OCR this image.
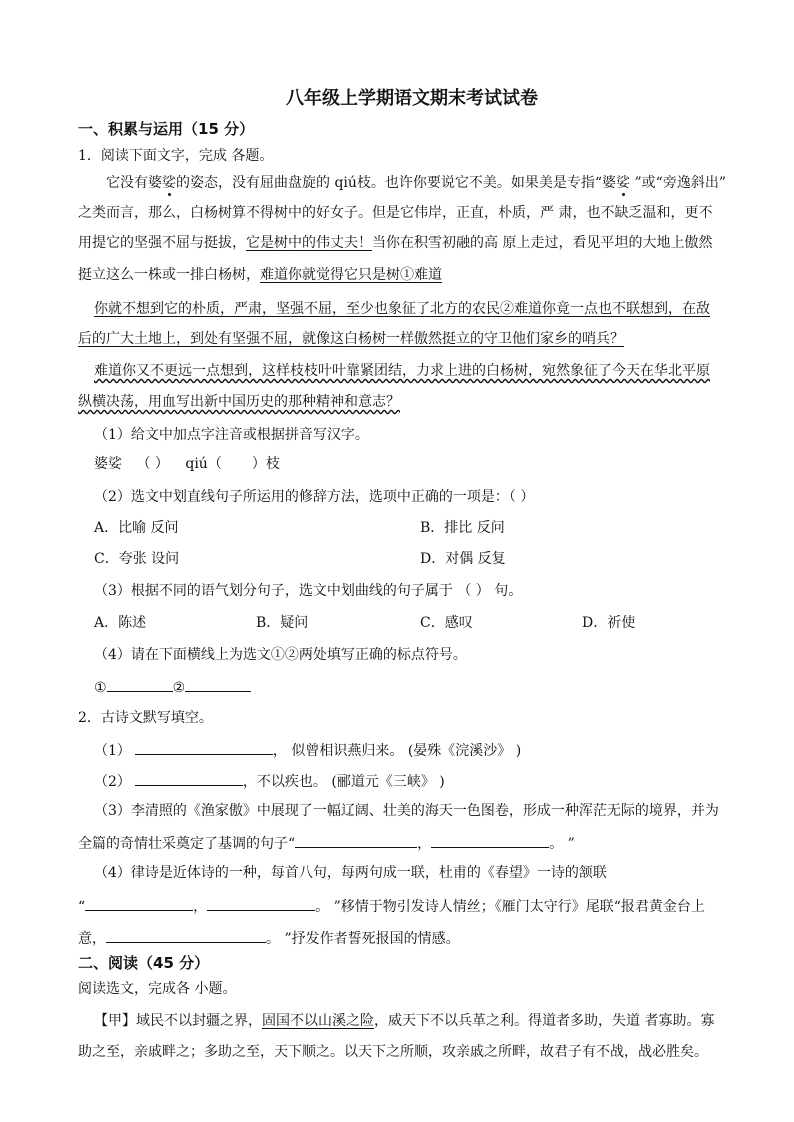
八年级上学期语文期末考试试卷
一、积累与运用（15 分）
1．阅读下面文字，完成 各题。
它没有婆娑的姿态，没有屈曲盘旋的 qiú枝。也许你要说它不美。如果美是专指“婆娑 ”或“旁逸斜出”
之类而言，那么，白杨树算不得树中的好女子。但是它伟岸，正直，朴质，严 肃，也不缺乏温和，更不
用提它的坚强不屈与挺拔，它是树中的伟丈夫！当你在积雪初融的高 原上走过，看见平坦的大地上傲然
挺立这么一株或一排白杨树，难道你就觉得它只是树①难道
你就不想到它的朴质，严肃，坚强不屈，至少也象征了北方的农民②难道你竟一点也不联想到，在敌
后的广大土地上，到处有坚强不屈，就像这白杨树一样傲然挺立的守卫他们家乡的哨兵？
难道你又不更远一点想到，这样枝枝叶叶靠紧团结，力求上进的白杨树，宛然象征了今天在华北平原
纵横决荡，用血写出新中国历史的那种精神和意志？
（1）给文中加点字注音或根据拼音写汉字。
婆娑 （ ） qiú（ ）枝
（2）选文中划直线句子所运用的修辞方法，选项中正确的一项是：（ ）
A．比喻 反问	B．排比 反问
C．夸张 设问	D．对偶 反复
（3）根据不同的语气划分句子，选文中划曲线的句子属于 （ ） 句。
A．陈述	B．疑问	C．感叹	D．祈使
（4）请在下面横线上为选文①②两处填写正确的标点符号。
①	②
2．古诗文默写填空。
（1）	， 似曾相识燕归来。 (晏殊《浣溪沙》 )
（2）	，不以疾也。 (郦道元《三峡》 )
（3）李清照的《渔家傲》中展现了一幅辽阔、壮美的海天一色图卷，形成一种浑茫无际的境界，并为
全篇的奇情壮采奠定了基调的句子“	，	。 ”
（4）律诗是近体诗的一种，每首八句，每两句成一联，杜甫的《春望》一诗的颔联
“	，	。 ”移情于物引发诗人情丝；《雁门太守行》尾联“报君黄金台上
意，	。 ”抒发作者誓死报国的情感。
二、阅读（45 分）
阅读选文，完成各 小题。
【甲】域民不以封疆之界，固国不以山溪之险，威天下不以兵革之利。得道者多助，失道 者寡助。寡
助之至，亲戚畔之；多助之至，天下顺之。以天下之所顺，攻亲戚之所畔，故君子有不战，战必胜矣。
